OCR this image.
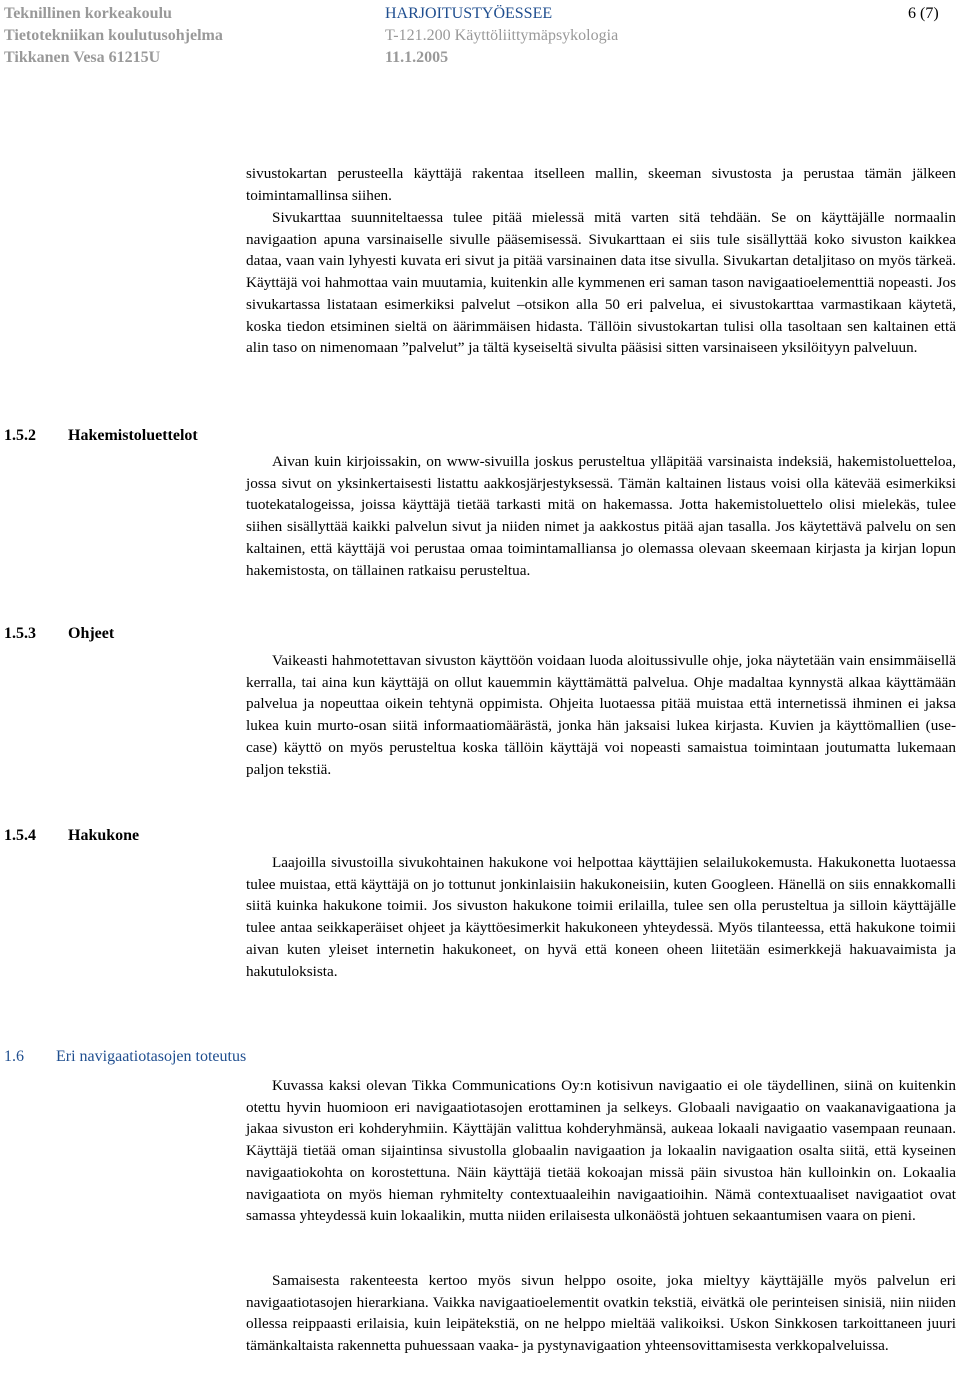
Teknillinen korkeakoulu
Tietotekniikan koulutusohjelma
Tikkanen Vesa 61215U
HARJOITUSTYÖESSEE
T-121.200 Käyttöliittymäpsykologia
11.1.2005
6 (7)

sivustokartan perusteella käyttäjä rakentaa itselleen mallin, skeeman sivustosta ja perustaa tämän jälkeen toimintamallinsa siihen.

Sivukarttaa suunniteltaessa tulee pitää mielessä mitä varten sitä tehdään. Se on käyttäjälle normaalin navigaation apuna varsinaiselle sivulle pääsemisessä. Sivukarttaan ei siis tule sisällyttää koko sivuston kaikkea dataa, vaan vain lyhyesti kuvata eri sivut ja pitää varsinainen data itse sivulla. Sivukartan detaljitaso on myös tärkeä. Käyttäjä voi hahmottaa vain muutamia, kuitenkin alle kymmenen eri saman tason navigaatioelementtiä nopeasti. Jos sivukartassa listataan esimerkiksi palvelut –otsikon alla 50 eri palvelua, ei sivustokarttaa varmastikaan käytetä, koska tiedon etsiminen sieltä on äärimmäisen hidasta. Tällöin sivustokartan tulisi olla tasoltaan sen kaltainen että alin taso on nimenomaan ”palvelut” ja tältä kyseiseltä sivulta pääsisi sitten varsinaiseen yksilöityyn palveluun.

1.5.2 Hakemistoluettelot

Aivan kuin kirjoissakin, on www-sivuilla joskus perusteltua ylläpitää varsinaista indeksiä, hakemistoluetteloa, jossa sivut on yksinkertaisesti listattu aakkosjärjestyksessä. Tämän kaltainen listaus voisi olla kätevää esimerkiksi tuotekatalogeissa, joissa käyttäjä tietää tarkasti mitä on hakemassa. Jotta hakemistoluettelo olisi mielekäs, tulee siihen sisällyttää kaikki palvelun sivut ja niiden nimet ja aakkostus pitää ajan tasalla. Jos käytettävä palvelu on sen kaltainen, että käyttäjä voi perustaa omaa toimintamalliansa jo olemassa olevaan skeemaan kirjasta ja kirjan lopun hakemistosta, on tällainen ratkaisu perusteltua.

1.5.3 Ohjeet

Vaikeasti hahmotettavan sivuston käyttöön voidaan luoda aloitussivulle ohje, joka näytetään vain ensimmäisellä kerralla, tai aina kun käyttäjä on ollut kauemmin käyttämättä palvelua. Ohje madaltaa kynnystä alkaa käyttämään palvelua ja nopeuttaa oikein tehtynä oppimista. Ohjeita luotaessa pitää muistaa että internetissä ihminen ei jaksa lukea kuin murto-osan siitä informaatiomäärästä, jonka hän jaksaisi lukea kirjasta. Kuvien ja käyttömallien (use-case) käyttö on myös perusteltua koska tällöin käyttäjä voi nopeasti samaistua toimintaan joutumatta lukemaan paljon tekstiä.

1.5.4 Hakukone

Laajoilla sivustoilla sivukohtainen hakukone voi helpottaa käyttäjien selailukokemusta. Hakukonetta luotaessa tulee muistaa, että käyttäjä on jo tottunut jonkinlaisiin hakukoneisiin, kuten Googleen. Hänellä on siis ennakkomalli siitä kuinka hakukone toimii. Jos sivuston hakukone toimii erilailla, tulee sen olla perusteltua ja silloin käyttäjälle tulee antaa seikkaperäiset ohjeet ja käyttöesimerkit hakukoneen yhteydessä. Myös tilanteessa, että hakukone toimii aivan kuten yleiset internetin hakukoneet, on hyvä että koneen oheen liitetään esimerkkejä hakuavaimista ja hakutuloksista.

1.6 Eri navigaatiotasojen toteutus

Kuvassa kaksi olevan Tikka Communications Oy:n kotisivun navigaatio ei ole täydellinen, siinä on kuitenkin otettu hyvin huomioon eri navigaatiotasojen erottaminen ja selkeys. Globaali navigaatio on vaakanavigaationa ja jakaa sivuston eri kohderyhmiin. Käyttäjän valittua kohderyhmänsä, aukeaa lokaali navigaatio vasempaan reunaan. Käyttäjä tietää oman sijaintinsa sivustolla globaalin navigaation ja lokaalin navigaation osalta siitä, että kyseinen navigaatiokohta on korostettuna. Näin käyttäjä tietää kokoajan missä päin sivustoa hän kulloinkin on. Lokaalia navigaatiota on myös hieman ryhmitelty contextuaaleihin navigaatioihin. Nämä contextuaaliset navigaatiot ovat samassa yhteydessä kuin lokaalikin, mutta niiden erilaisesta ulkonäöstä johtuen sekaantumisen vaara on pieni.

Samaisesta rakenteesta kertoo myös sivun helppo osoite, joka mieltyy käyttäjälle myös palvelun eri navigaatiotasojen hierarkiana. Vaikka navigaatioelementit ovatkin tekstiä, eivätkä ole perinteisen sinisiä, niin niiden ollessa reippaasti erilaisia, kuin leipätekstiä, on ne helppo mieltää valikoiksi. Uskon Sinkkosen tarkoittaneen juuri tämänkaltaista rakennetta puhuessaan vaaka- ja pystynavigaation yhteensovittamisesta verkkopalveluissa.
